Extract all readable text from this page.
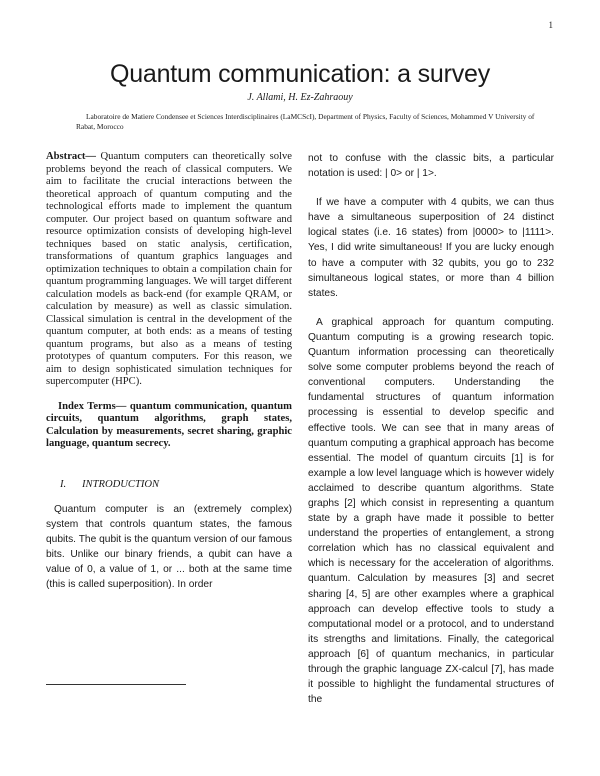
1
Quantum communication: a survey
J. Allami, H. Ez-Zahraouy
Laboratoire de Matiere Condensee et Sciences Interdisciplinaires (LaMCScI), Department of Physics, Faculty of Sciences, Mohammed V University of Rabat, Morocco

Abstract— Quantum computers can theoretically solve problems beyond the reach of classical computers. We aim to facilitate the crucial interactions between the theoretical approach of quantum computing and the technological efforts made to implement the quantum computer. Our project based on quantum software and resource optimization consists of developing high-level techniques based on static analysis, certification, transformations of quantum graphics languages and optimization techniques to obtain a compilation chain for quantum programming languages. We will target different calculation models as back-end (for example QRAM, or calculation by measure) as well as classic simulation. Classical simulation is central in the development of the quantum computer, at both ends: as a means of testing quantum programs, but also as a means of testing prototypes of quantum computers. For this reason, we aim to design sophisticated simulation techniques for supercomputer (HPC).

Index Terms— quantum communication, quantum circuits, quantum algorithms, graph states, Calculation by measurements, secret sharing, graphic language, quantum secrecy.

I. INTRODUCTION

Quantum computer is an (extremely complex) system that controls quantum states, the famous qubits. The qubit is the quantum version of our famous bits. Unlike our binary friends, a qubit can have a value of 0, a value of 1, or ... both at the same time (this is called superposition). In order

not to confuse with the classic bits, a particular notation is used: | 0> or | 1>.

If we have a computer with 4 qubits, we can thus have a simultaneous superposition of 24 distinct logical states (i.e. 16 states) from |0000> to |1111>. Yes, I did write simultaneous! If you are lucky enough to have a computer with 32 qubits, you go to 232 simultaneous logical states, or more than 4 billion states.

A graphical approach for quantum computing. Quantum computing is a growing research topic. Quantum information processing can theoretically solve some computer problems beyond the reach of conventional computers. Understanding the fundamental structures of quantum information processing is essential to develop specific and effective tools. We can see that in many areas of quantum computing a graphical approach has become essential. The model of quantum circuits [1] is for example a low level language which is however widely acclaimed to describe quantum algorithms. State graphs [2] which consist in representing a quantum state by a graph have made it possible to better understand the properties of entanglement, a strong correlation which has no classical equivalent and which is necessary for the acceleration of algorithms. quantum. Calculation by measures [3] and secret sharing [4, 5] are other examples where a graphical approach can develop effective tools to study a computational model or a protocol, and to understand its strengths and limitations. Finally, the categorical approach [6] of quantum mechanics, in particular through the graphic language ZX-calcul [7], has made it possible to highlight the fundamental structures of the
